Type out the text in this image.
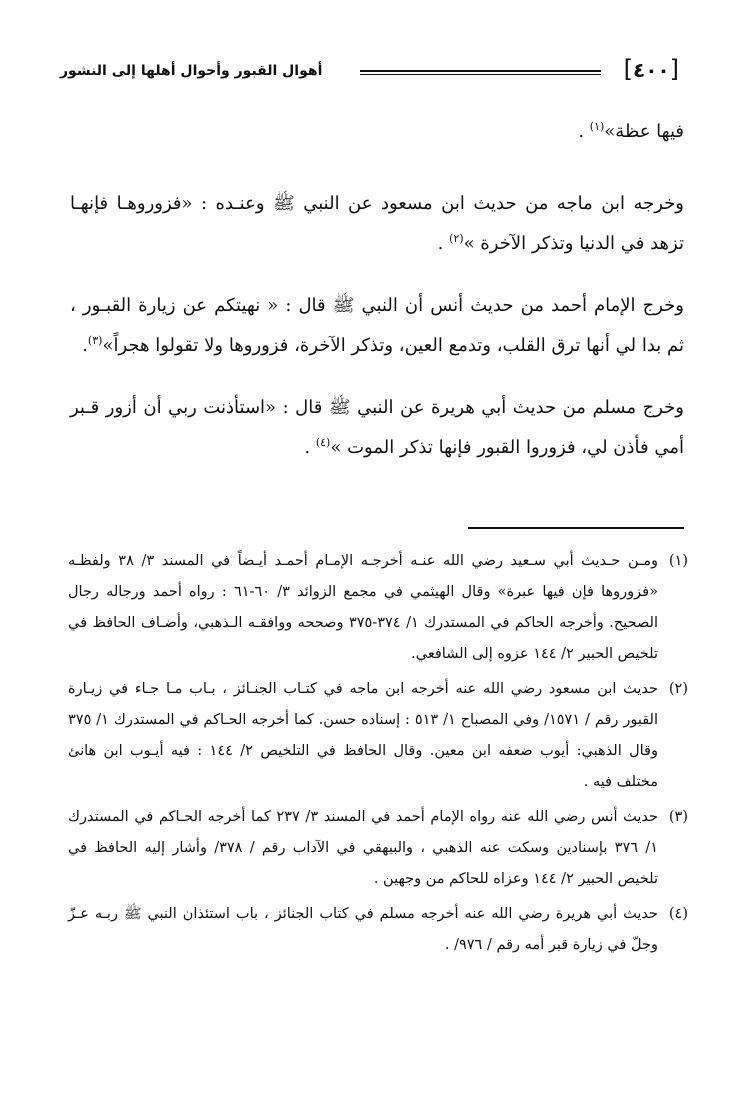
[٤٠٠]
أهوال القبور وأحوال أهلها إلى النشور

فيها عظة»$^{(١)}$ .

وخرجه ابن ماجه من حديث ابن مسعود عن النبي ﷺ وعنـده : «فزوروهـا فإنهـا تزهد في الدنيا وتذكر الآخرة »$^{(٢)}$ .

وخرج الإمام أحمد من حديث أنس أن النبي ﷺ قال : « نهيتكم عن زيارة القبـور ، ثم بدا لي أنها ترق القلب، وتدمع العين، وتذكر الآخرة، فزوروها ولا تقولوا هجراً»$^{(٣)}$.

وخرج مسلم من حديث أبي هريرة عن النبي ﷺ قال : «استأذنت ربي أن أزور قـبر أمي فأذن لي، فزوروا القبور فإنها تذكر الموت »$^{(٤)}$ .

(١)
ومـن حـديث أبي سـعيد رضي الله عنـه أخرجـه الإمـام أحمـد أيـضاً في المسند ٣/ ٣٨ ولفظـه «فزوروها فإن فيها عبرة» وقال الهيثمي في مجمع الزوائد ٣/ ٦٠-٦١ : رواه أحمد ورجاله رجال الصحيح. وأخرجه الحاكم في المستدرك ١/ ٣٧٤-٣٧٥ وصححه ووافقـه الـذهبي، وأضـاف الحافظ في تلخيص الحبير ٢/ ١٤٤ عزوه إلى الشافعي.

(٢)
حديث ابن مسعود رضي الله عنه أخرجه ابن ماجه في كتـاب الجنـائز ، بـاب مـا جـاء في زيـارة القبور رقم / ١٥٧١/ وفي المصباح ١/ ٥١٣ : إسناده حسن. كما أخرجه الحـاكم في المستدرك ١/ ٣٧٥ وقال الذهبي: أيوب ضعفه ابن معين. وقال الحافظ في التلخيص ٢/ ١٤٤ : فيه أيـوب ابن هانئ مختلف فيه .

(٣)
حديث أنس رضي الله عنه رواه الإمام أحمد في المسند ٣/ ٢٣٧ كما أخرجه الحـاكم في المستدرك ١/ ٣٧٦ بإسنادين وسكت عنه الذهبي ، والبيهقي في الآداب رقم / ٣٧٨/ وأشار إليه الحافظ في تلخيص الحبير ٢/ ١٤٤ وعزاه للحاكم من وجهين .

(٤)
حديث أبي هريرة رضي الله عنه أخرجه مسلم في كتاب الجنائز ، باب استئذان النبي ﷺ ربـه عـزّ وجلّ في زيارة قبر أمه رقم / ٩٧٦/ .
